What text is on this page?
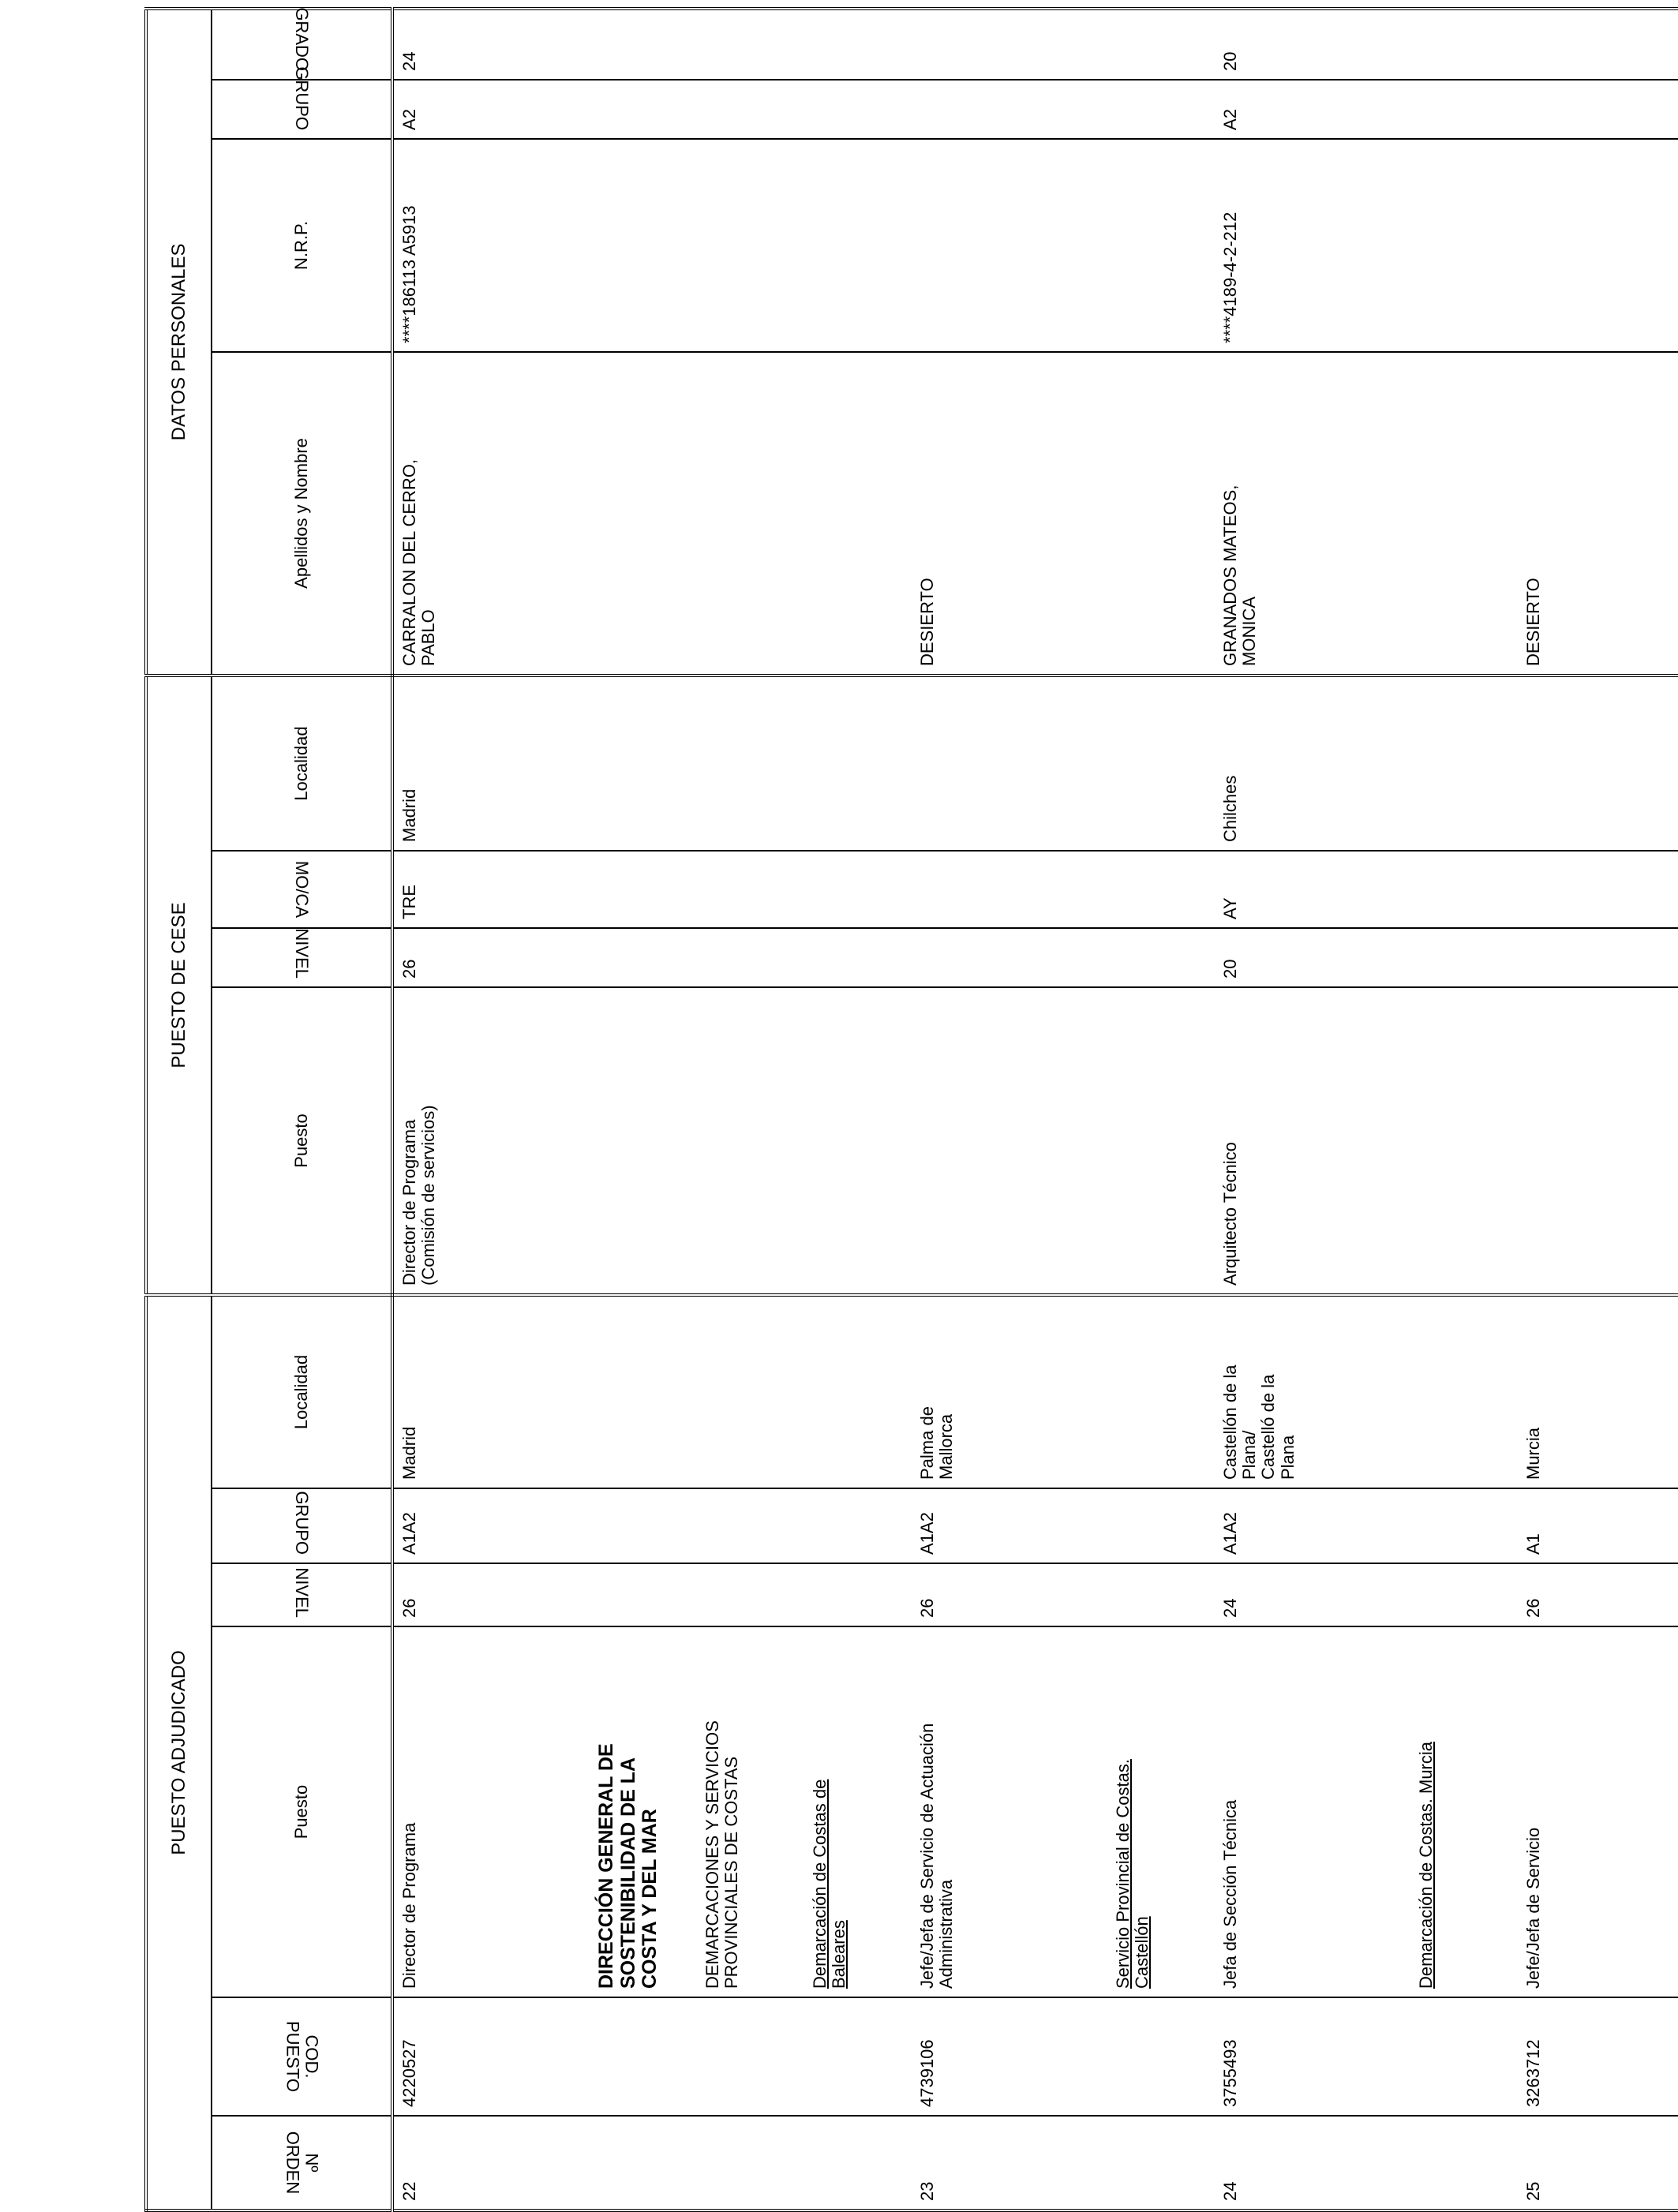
PUESTO ADJUDICADO						PUESTO DE CESE				DATOS PERSONALES			
Nº ORDEN	COD. PUESTO	Puesto	NIVEL	GRUPO	Localidad	Puesto	NIVEL	MO/CA	Localidad	Apellidos y Nombre	N.R.P.	GRUPO	GRADO
22	4220527	Director de Programa	26	A1A2	Madrid	Director de Programa (Comisión de servicios)	26	TRE	Madrid	CARRALON DEL CERRO, PABLO	****186113 A5913	A2	24

		DIRECCIÓN GENERAL DE SOSTENIBILIDAD DE LA COSTA Y DEL MAR											

		DEMARCACIONES Y SERVICIOS PROVINCIALES DE COSTAS											

		Demarcación de Costas de Baleares											

23	4739106	Jefe/Jefa de Servicio de Actuación Administrativa	26	A1A2	Palma de Mallorca					DESIERTO			

		Servicio Provincial de Costas. Castellón											

24	3755493	Jefa de Sección Técnica	24	A1A2	Castellón de la Plana/ Castelló de la Plana	Arquitecto Técnico	20	AY	Chilches	GRANADOS MATEOS, MONICA	****4189-4-2-212	A2	20
		Demarcación de Costas. Murcia											
25	3263712	Jefe/Jefa de Servicio	26	A1	Murcia					DESIERTO			
